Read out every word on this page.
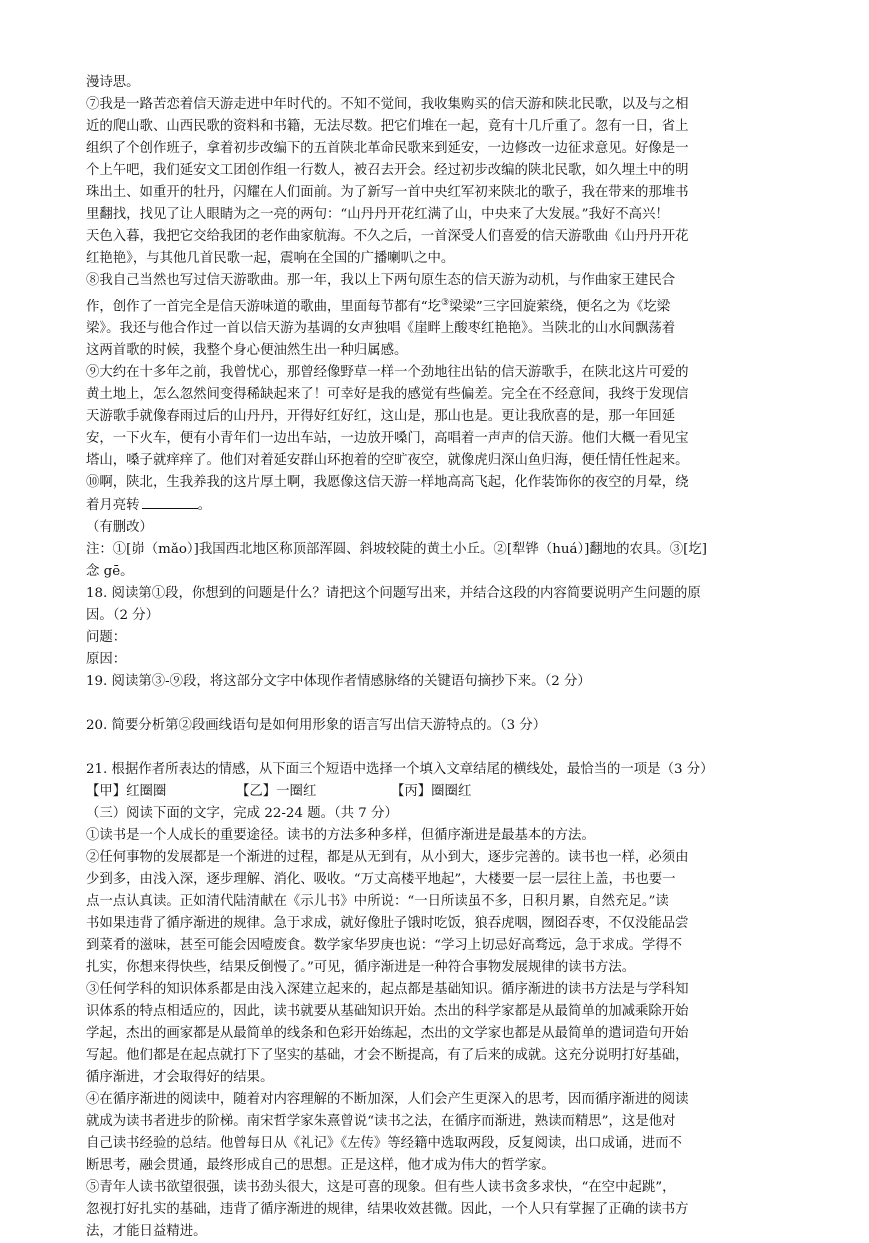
漫诗思。
⑦我是一路苦恋着信天游走进中年时代的。不知不觉间，我收集购买的信天游和陕北民歌，以及与之相
近的爬山歌、山西民歌的资料和书籍，无法尽数。把它们堆在一起，竟有十几斤重了。忽有一日，省上
组织了个创作班子，拿着初步改编下的五首陕北革命民歌来到延安，一边修改一边征求意见。好像是一
个上午吧，我们延安文工团创作组一行数人，被召去开会。经过初步改编的陕北民歌，如久埋土中的明
珠出土、如重开的牡丹，闪耀在人们面前。为了新写一首中央红军初来陕北的歌子，我在带来的那堆书
里翻找，找见了让人眼睛为之一亮的两句：“山丹丹开花红满了山，中央来了大发展。”我好不高兴！
天色入暮，我把它交给我团的老作曲家航海。不久之后，一首深受人们喜爱的信天游歌曲《山丹丹开花
红艳艳》，与其他几首民歌一起，震响在全国的广播喇叭之中。
⑧我自己当然也写过信天游歌曲。那一年，我以上下两句原生态的信天游为动机，与作曲家王建民合
作，创作了一首完全是信天游味道的歌曲，里面每节都有“圪③梁梁”三字回旋萦绕，便名之为《圪梁
梁》。我还与他合作过一首以信天游为基调的女声独唱《崖畔上酸枣红艳艳》。当陕北的山水间飘荡着
这两首歌的时候，我整个身心便油然生出一种归属感。
⑨大约在十多年之前，我曾忧心，那曾经像野草一样一个劲地往出钻的信天游歌手，在陕北这片可爱的
黄土地上，怎么忽然间变得稀缺起来了！可幸好是我的感觉有些偏差。完全在不经意间，我终于发现信
天游歌手就像春雨过后的山丹丹，开得好红好红，这山是，那山也是。更让我欣喜的是，那一年回延
安，一下火车，便有小青年们一边出车站，一边放开嗓门，高唱着一声声的信天游。他们大概一看见宝
塔山，嗓子就痒痒了。他们对着延安群山环抱着的空旷夜空，就像虎归深山鱼归海，便任情任性起来。
⑩啊，陕北，生我养我的这片厚土啊，我愿像这信天游一样地高高飞起，化作装饰你的夜空的月晕，绕
着月亮转	。
（有删改）
注：①[峁（mǎo）]我国西北地区称顶部浑圆、斜坡较陡的黄土小丘。②[犁铧（huá）]翻地的农具。③[圪]
念 gē。
18. 阅读第①段，你想到的问题是什么？请把这个问题写出来，并结合这段的内容简要说明产生问题的原
因。（2 分）
问题：
原因：
19. 阅读第③-⑨段，将这部分文字中体现作者情感脉络的关键语句摘抄下来。（2 分）
20. 简要分析第②段画线语句是如何用形象的语言写出信天游特点的。（3 分）
21. 根据作者所表达的情感，从下面三个短语中选择一个填入文章结尾的横线处，最恰当的一项是（3 分）
【甲】红圈圈	【乙】一圈红	【丙】圈圈红
（三）阅读下面的文字，完成 22-24 题。（共 7 分）
①读书是一个人成长的重要途径。读书的方法多种多样，但循序渐进是最基本的方法。
②任何事物的发展都是一个渐进的过程，都是从无到有，从小到大，逐步完善的。读书也一样，必须由
少到多，由浅入深，逐步理解、消化、吸收。“万丈高楼平地起”，大楼要一层一层往上盖，书也要一
点一点认真读。正如清代陆清献在《示儿书》中所说：“一日所读虽不多，日积月累，自然充足。”读
书如果违背了循序渐进的规律。急于求成，就好像肚子饿时吃饭，狼吞虎咽，囫囵吞枣，不仅没能品尝
到菜肴的滋味，甚至可能会因噎废食。数学家华罗庚也说：“学习上切忌好高骛远，急于求成。学得不
扎实，你想来得快些，结果反倒慢了。”可见，循序渐进是一种符合事物发展规律的读书方法。
③任何学科的知识体系都是由浅入深建立起来的，起点都是基础知识。循序渐进的读书方法是与学科知
识体系的特点相适应的，因此，读书就要从基础知识开始。杰出的科学家都是从最简单的加减乘除开始
学起，杰出的画家都是从最简单的线条和色彩开始练起，杰出的文学家也都是从最简单的遣词造句开始
写起。他们都是在起点就打下了坚实的基础，才会不断提高，有了后来的成就。这充分说明打好基础，
循序渐进，才会取得好的结果。
④在循序渐进的阅读中，随着对内容理解的不断加深，人们会产生更深入的思考，因而循序渐进的阅读
就成为读书者进步的阶梯。南宋哲学家朱熹曾说“读书之法，在循序而渐进，熟读而精思”，这是他对
自己读书经验的总结。他曾每日从《礼记》《左传》等经籍中选取两段，反复阅读，出口成诵，进而不
断思考，融会贯通，最终形成自己的思想。正是这样，他才成为伟大的哲学家。
⑤青年人读书欲望很强，读书劲头很大，这是可喜的现象。但有些人读书贪多求快，“在空中起跳”，
忽视打好扎实的基础，违背了循序渐进的规律，结果收效甚微。因此，一个人只有掌握了正确的读书方
法，才能日益精进。
